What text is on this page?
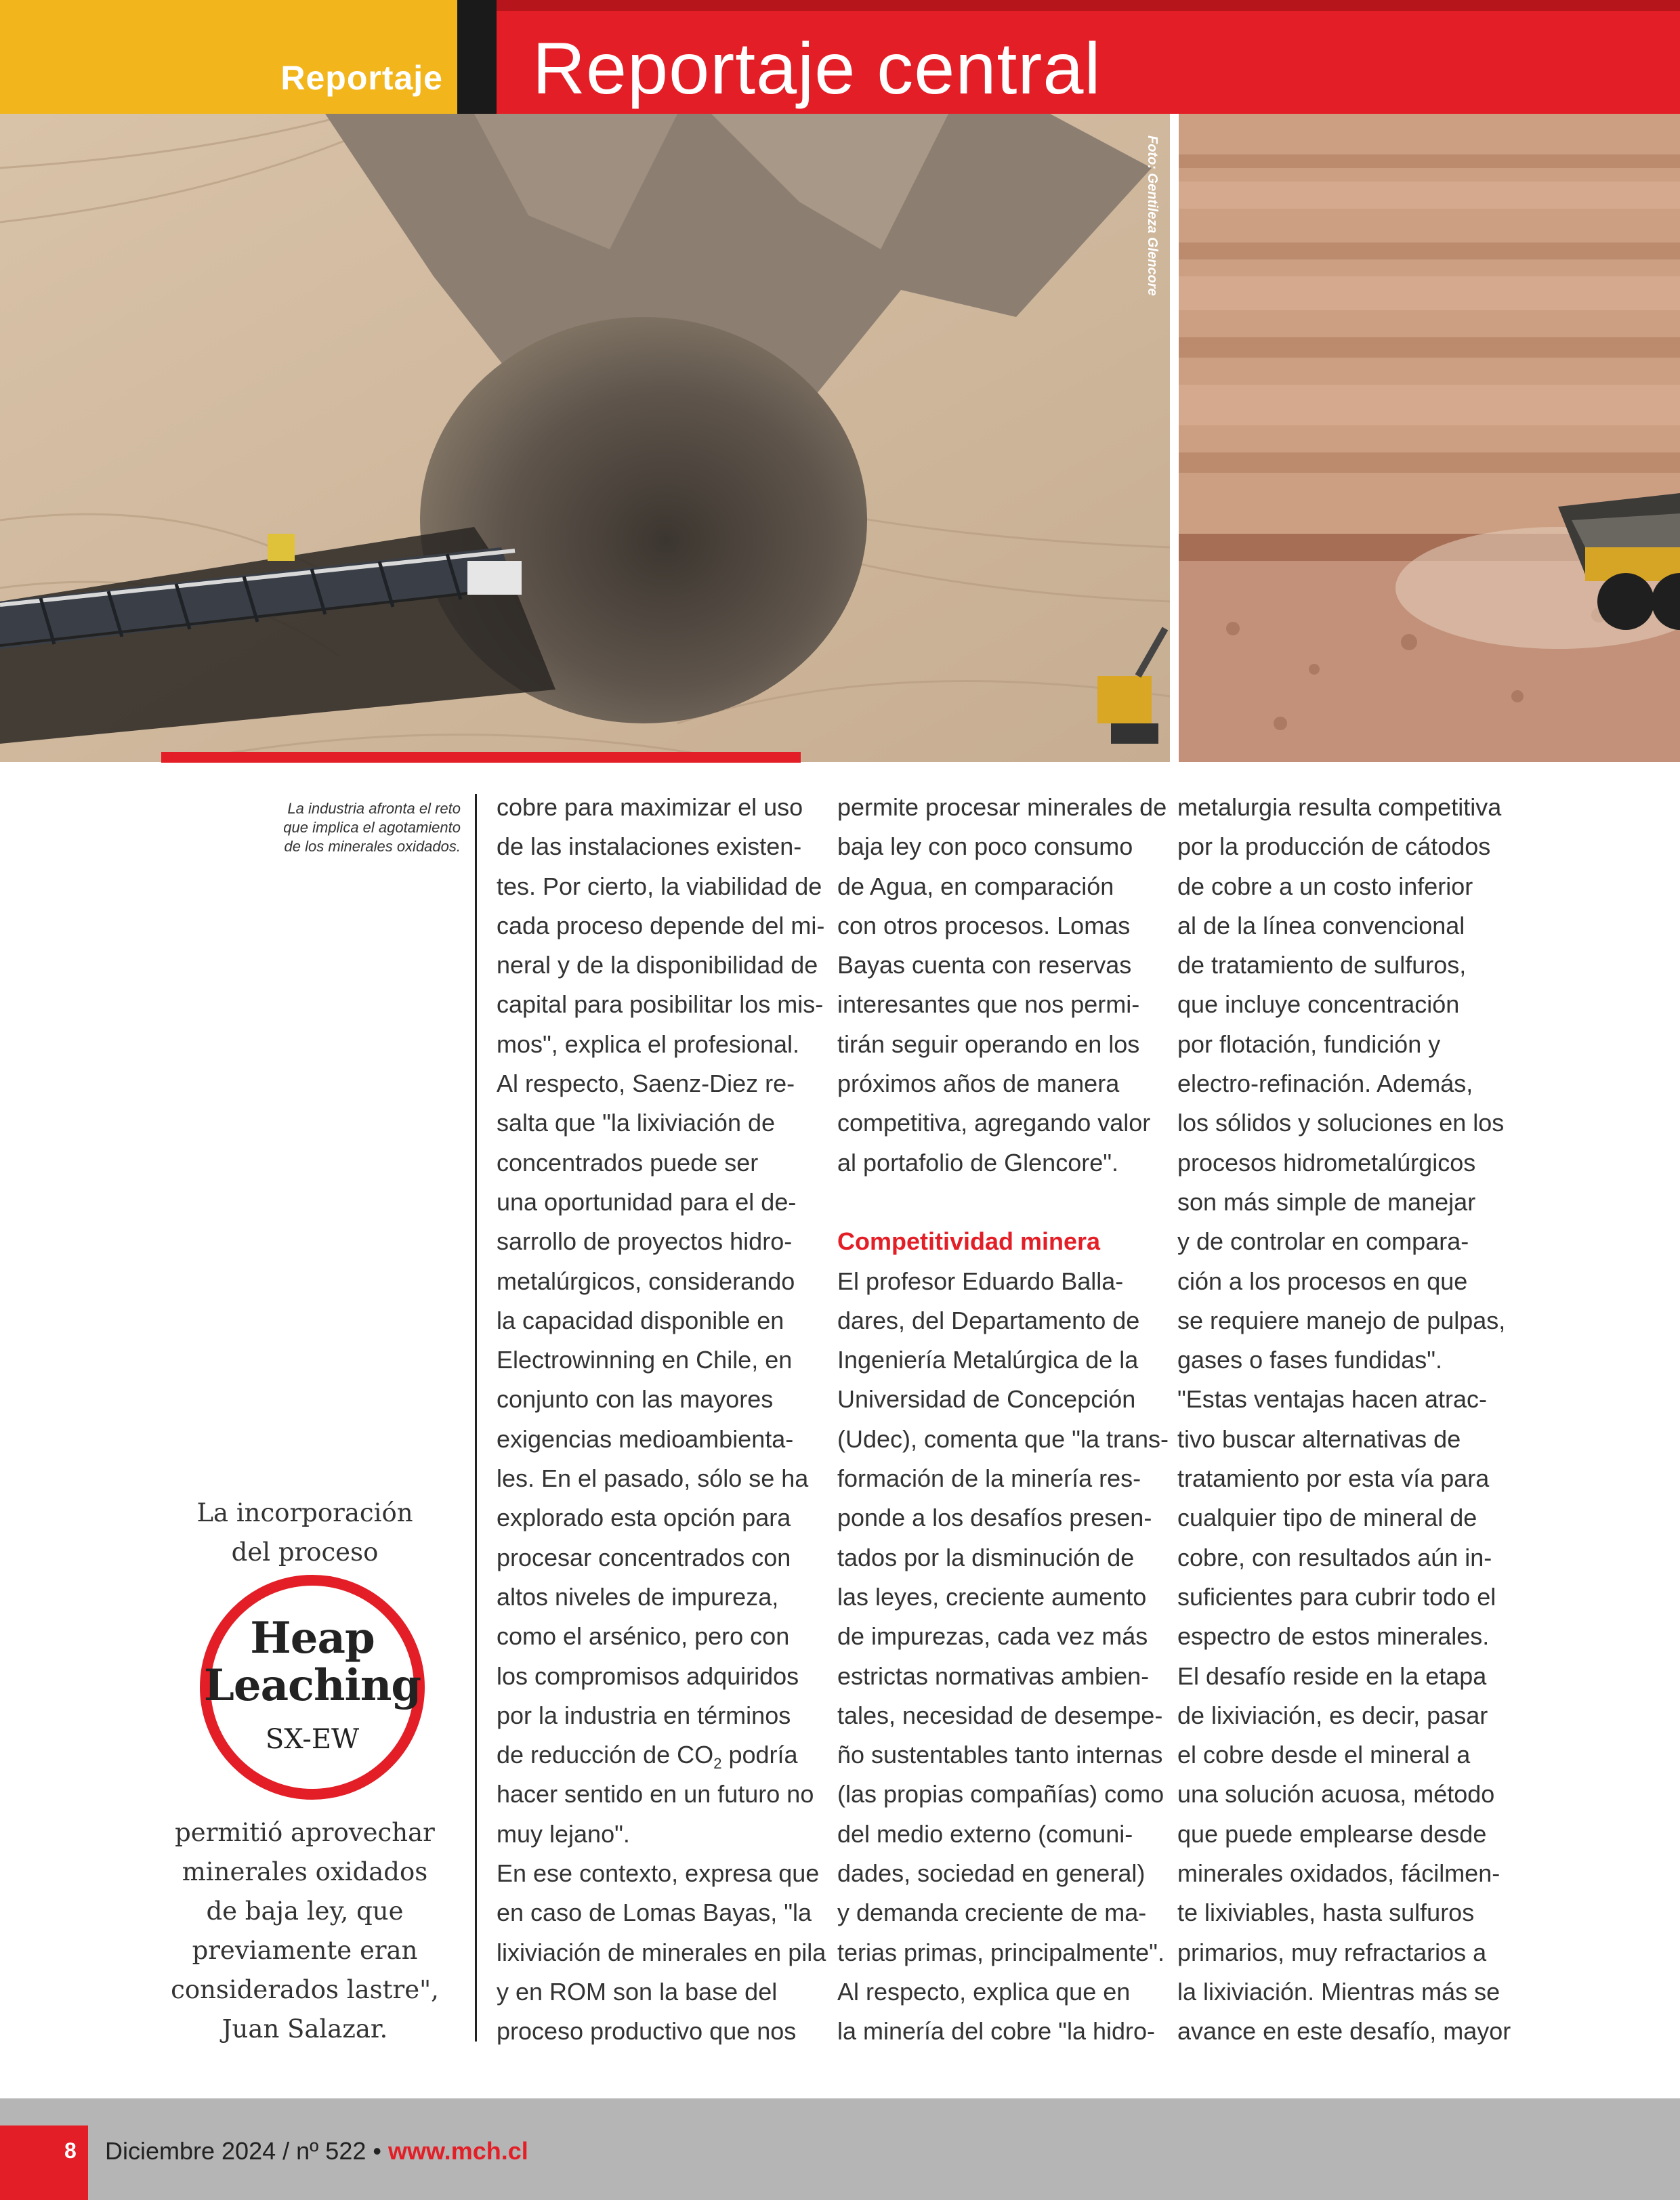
Reportaje Reportaje central
Foto: Gentileza Glencore
La industria afronta el reto
que implica el agotamiento
de los minerales oxidados.
La incorporación
del proceso
Heap
Leaching
SX-EW
permitió aprovechar
minerales oxidados
de baja ley, que
previamente eran
considerados lastre",
Juan Salazar.

cobre para maximizar el uso

de las instalaciones existen-

tes. Por cierto, la viabilidad de

cada proceso depende del mi-

neral y de la disponibilidad de

capital para posibilitar los mis-

mos", explica el profesional.

Al respecto, Saenz-Diez re-

salta que "la lixiviación de

concentrados puede ser

una oportunidad para el de-

sarrollo de proyectos hidro-

metalúrgicos, considerando

la capacidad disponible en

Electrowinning en Chile, en

conjunto con las mayores

exigencias medioambienta-

les. En el pasado, sólo se ha

explorado esta opción para

procesar concentrados con

altos niveles de impureza,

como el arsénico, pero con

los compromisos adquiridos

por la industria en términos

de reducción de $CO_2$ podría

hacer sentido en un futuro no

muy lejano".

En ese contexto, expresa que

en caso de Lomas Bayas, "la

lixiviación de minerales en pila

y en ROM son la base del

proceso productivo que nos

permite procesar minerales de

baja ley con poco consumo

de Agua, en comparación

con otros procesos. Lomas

Bayas cuenta con reservas

interesantes que nos permi-

tirán seguir operando en los

próximos años de manera

competitiva, agregando valor

al portafolio de Glencore".

Competitividad minera

El profesor Eduardo Balla-

dares, del Departamento de

Ingeniería Metalúrgica de la

Universidad de Concepción

(Udec), comenta que "la trans-

formación de la minería res-

ponde a los desafíos presen-

tados por la disminución de

las leyes, creciente aumento

de impurezas, cada vez más

estrictas normativas ambien-

tales, necesidad de desempe-

ño sustentables tanto internas

(las propias compañías) como

del medio externo (comuni-

dades, sociedad en general)

y demanda creciente de ma-

terias primas, principalmente".

Al respecto, explica que en

la minería del cobre "la hidro-

metalurgia resulta competitiva

por la producción de cátodos

de cobre a un costo inferior

al de la línea convencional

de tratamiento de sulfuros,

que incluye concentración

por flotación, fundición y

electro-refinación. Además,

los sólidos y soluciones en los

procesos hidrometalúrgicos

son más simple de manejar

y de controlar en compara-

ción a los procesos en que

se requiere manejo de pulpas,

gases o fases fundidas".

"Estas ventajas hacen atrac-

tivo buscar alternativas de

tratamiento por esta vía para

cualquier tipo de mineral de

cobre, con resultados aún in-

suficientes para cubrir todo el

espectro de estos minerales.

El desafío reside en la etapa

de lixiviación, es decir, pasar

el cobre desde el mineral a

una solución acuosa, método

que puede emplearse desde

minerales oxidados, fácilmen-

te lixiviables, hasta sulfuros

primarios, muy refractarios a

la lixiviación. Mientras más se

avance en este desafío, mayor

8 Diciembre 2024 / nº 522 • www.mch.cl
